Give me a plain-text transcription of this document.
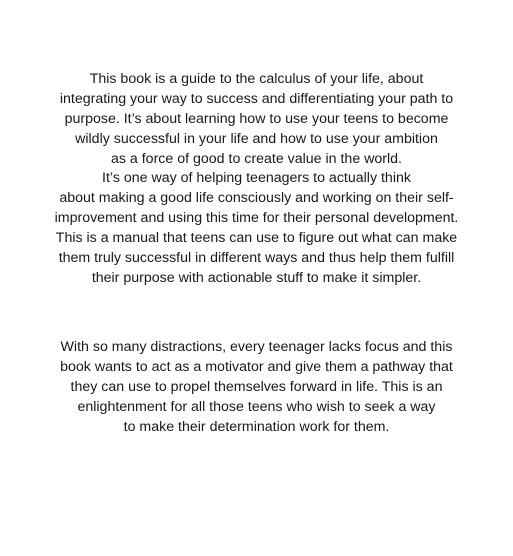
This book is a guide to the calculus of your life, about
integrating your way to success and differentiating your path to
purpose. It’s about learning how to use your teens to become
wildly successful in your life and how to use your ambition
as a force of good to create value in the world.

It’s one way of helping teenagers to actually think
about making a good life consciously and working on their self-
improvement and using this time for their personal development.
This is a manual that teens can use to figure out what can make
them truly successful in different ways and thus help them fulfill
their purpose with actionable stuff to make it simpler.

With so many distractions, every teenager lacks focus and this
book wants to act as a motivator and give them a pathway that
they can use to propel themselves forward in life. This is an
enlightenment for all those teens who wish to seek a way
to make their determination work for them.
